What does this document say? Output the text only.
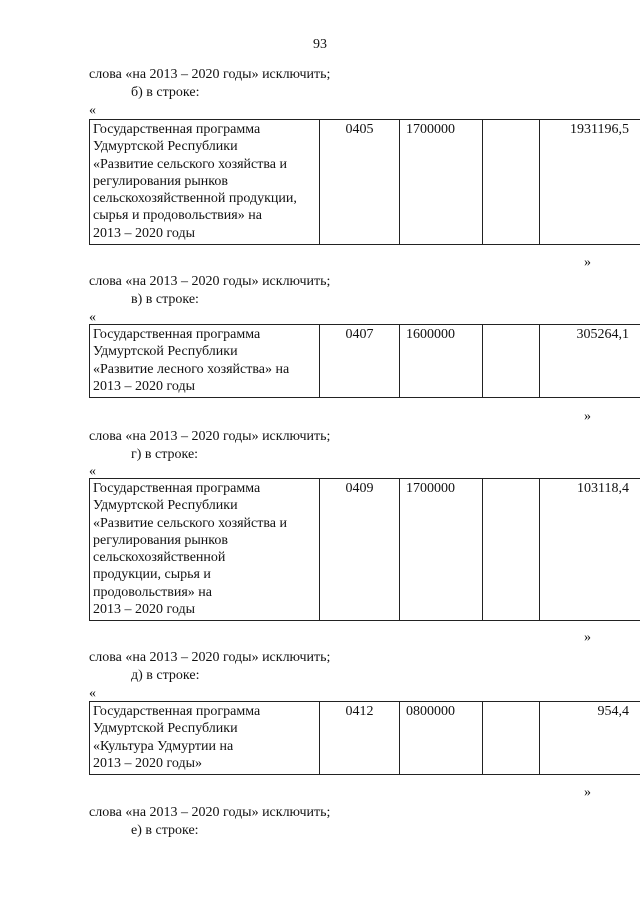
93
слова «на 2013 – 2020 годы» исключить;
б) в строке:
«
Государственная программа
Удмуртской Республики
«Развитие сельского хозяйства и
регулирования рынков
сельскохозяйственной продукции,
сырья и продовольствия» на
2013 – 2020 годы
	0405	1700000		1931196,5
»
слова «на 2013 – 2020 годы» исключить;
в) в строке:
«
Государственная программа
Удмуртской Республики
«Развитие лесного хозяйства» на
2013 – 2020 годы
	0407	1600000		305264,1
»
слова «на 2013 – 2020 годы» исключить;
г) в строке:
«
Государственная программа
Удмуртской Республики
«Развитие сельского хозяйства и
регулирования рынков
сельскохозяйственной
продукции, сырья и
продовольствия» на
2013 – 2020 годы
	0409	1700000		103118,4
»
слова «на 2013 – 2020 годы» исключить;
д) в строке:
«
Государственная программа
Удмуртской Республики
«Культура Удмуртии на
2013 – 2020 годы»
	0412	0800000		954,4
»
слова «на 2013 – 2020 годы» исключить;
е) в строке:
